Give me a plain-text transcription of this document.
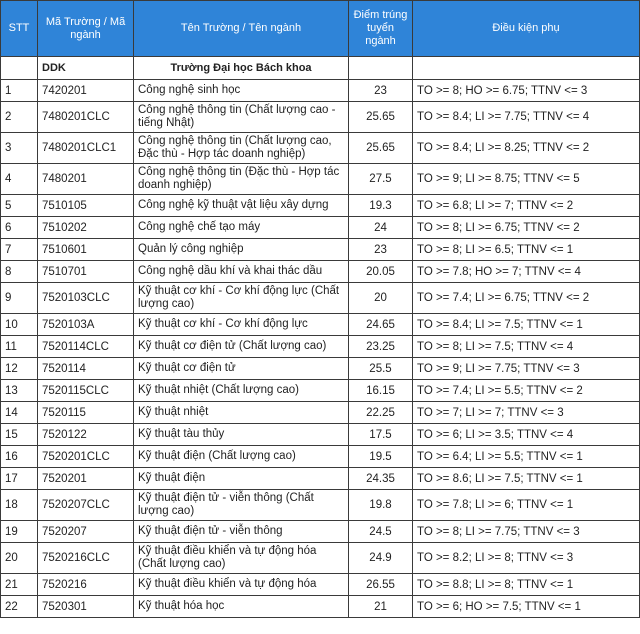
STT	Mã Trường / Mã ngành	Tên Trường / Tên ngành	Điểm trúng tuyển ngành	Điều kiện phụ
	DDK	Trường Đại học Bách khoa		
1	7420201	Công nghệ sinh học	23	TO >= 8; HO >= 6.75; TTNV <= 3
2	7480201CLC	Công nghệ thông tin (Chất lượng cao - tiếng Nhật)	25.65	TO >= 8.4; LI >= 7.75; TTNV <= 4
3	7480201CLC1	Công nghệ thông tin (Chất lượng cao, Đặc thù - Hợp tác doanh nghiệp)	25.65	TO >= 8.4; LI >= 8.25; TTNV <= 2
4	7480201	Công nghệ thông tin (Đặc thù - Hợp tác doanh nghiệp)	27.5	TO >= 9; LI >= 8.75; TTNV <= 5
5	7510105	Công nghệ kỹ thuật vật liệu xây dựng	19.3	TO >= 6.8; LI >= 7; TTNV <= 2
6	7510202	Công nghệ chế tạo máy	24	TO >= 8; LI >= 6.75; TTNV <= 2
7	7510601	Quản lý công nghiệp	23	TO >= 8; LI >= 6.5; TTNV <= 1
8	7510701	Công nghệ dầu khí và khai thác dầu	20.05	TO >= 7.8; HO >= 7; TTNV <= 4
9	7520103CLC	Kỹ thuật cơ khí - Cơ khí động lực (Chất lượng cao)	20	TO >= 7.4; LI >= 6.75; TTNV <= 2
10	7520103A	Kỹ thuật cơ khí - Cơ khí động lực	24.65	TO >= 8.4; LI >= 7.5; TTNV <= 1
11	7520114CLC	Kỹ thuật cơ điện tử (Chất lượng cao)	23.25	TO >= 8; LI >= 7.5; TTNV <= 4
12	7520114	Kỹ thuật cơ điện tử	25.5	TO >= 9; LI >= 7.75; TTNV <= 3
13	7520115CLC	Kỹ thuật nhiệt (Chất lượng cao)	16.15	TO >= 7.4; LI >= 5.5; TTNV <= 2
14	7520115	Kỹ thuật nhiệt	22.25	TO >= 7; LI >= 7; TTNV <= 3
15	7520122	Kỹ thuật tàu thủy	17.5	TO >= 6; LI >= 3.5; TTNV <= 4
16	7520201CLC	Kỹ thuật điện (Chất lượng cao)	19.5	TO >= 6.4; LI >= 5.5; TTNV <= 1
17	7520201	Kỹ thuật điện	24.35	TO >= 8.6; LI >= 7.5; TTNV <= 1
18	7520207CLC	Kỹ thuật điện tử - viễn thông (Chất lượng cao)	19.8	TO >= 7.8; LI >= 6; TTNV <= 1
19	7520207	Kỹ thuật điện tử - viễn thông	24.5	TO >= 8; LI >= 7.75; TTNV <= 3
20	7520216CLC	Kỹ thuật điều khiển và tự động hóa (Chất lượng cao)	24.9	TO >= 8.2; LI >= 8; TTNV <= 3
21	7520216	Kỹ thuật điều khiển và tự động hóa	26.55	TO >= 8.8; LI >= 8; TTNV <= 1
22	7520301	Kỹ thuật hóa học	21	TO >= 6; HO >= 7.5; TTNV <= 1
